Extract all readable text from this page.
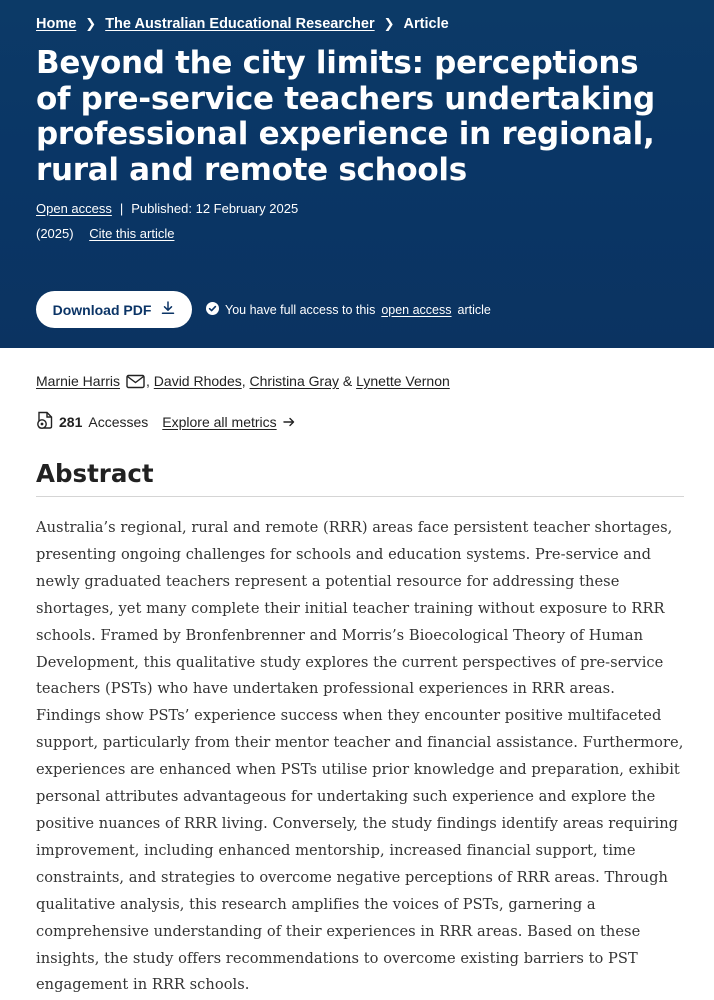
Home ❯ The Australian Educational Researcher ❯ Article
Beyond the city limits: perceptions of pre-service teachers undertaking professional experience in regional, rural and remote schools
Open access | Published: 12 February 2025
(2025) Cite this article
Download PDF	You have full access to this open access article
Marnie Harris ,
David Rhodes ,
Christina Gray
&
Lynette Vernon
281 Accesses Explore all metrics
Abstract

Australia’s regional, rural and remote (RRR) areas face persistent teacher shortages, presenting ongoing challenges for schools and education systems. Pre-service and newly graduated teachers represent a potential resource for addressing these shortages, yet many complete their initial teacher training without exposure to RRR schools. Framed by Bronfenbrenner and Morris’s Bioecological Theory of Human Development, this qualitative study explores the current perspectives of pre-service teachers (PSTs) who have undertaken professional experiences in RRR areas. Findings show PSTs’ experience success when they encounter positive multifaceted support, particularly from their mentor teacher and financial assistance. Furthermore, experiences are enhanced when PSTs utilise prior knowledge and preparation, exhibit personal attributes advantageous for undertaking such experience and explore the positive nuances of RRR living. Conversely, the study findings identify areas requiring improvement, including enhanced mentorship, increased financial support, time constraints, and strategies to overcome negative perceptions of RRR areas. Through qualitative analysis, this research amplifies the voices of PSTs, garnering a comprehensive understanding of their experiences in RRR areas. Based on these insights, the study offers recommendations to overcome existing barriers to PST engagement in RRR schools.
